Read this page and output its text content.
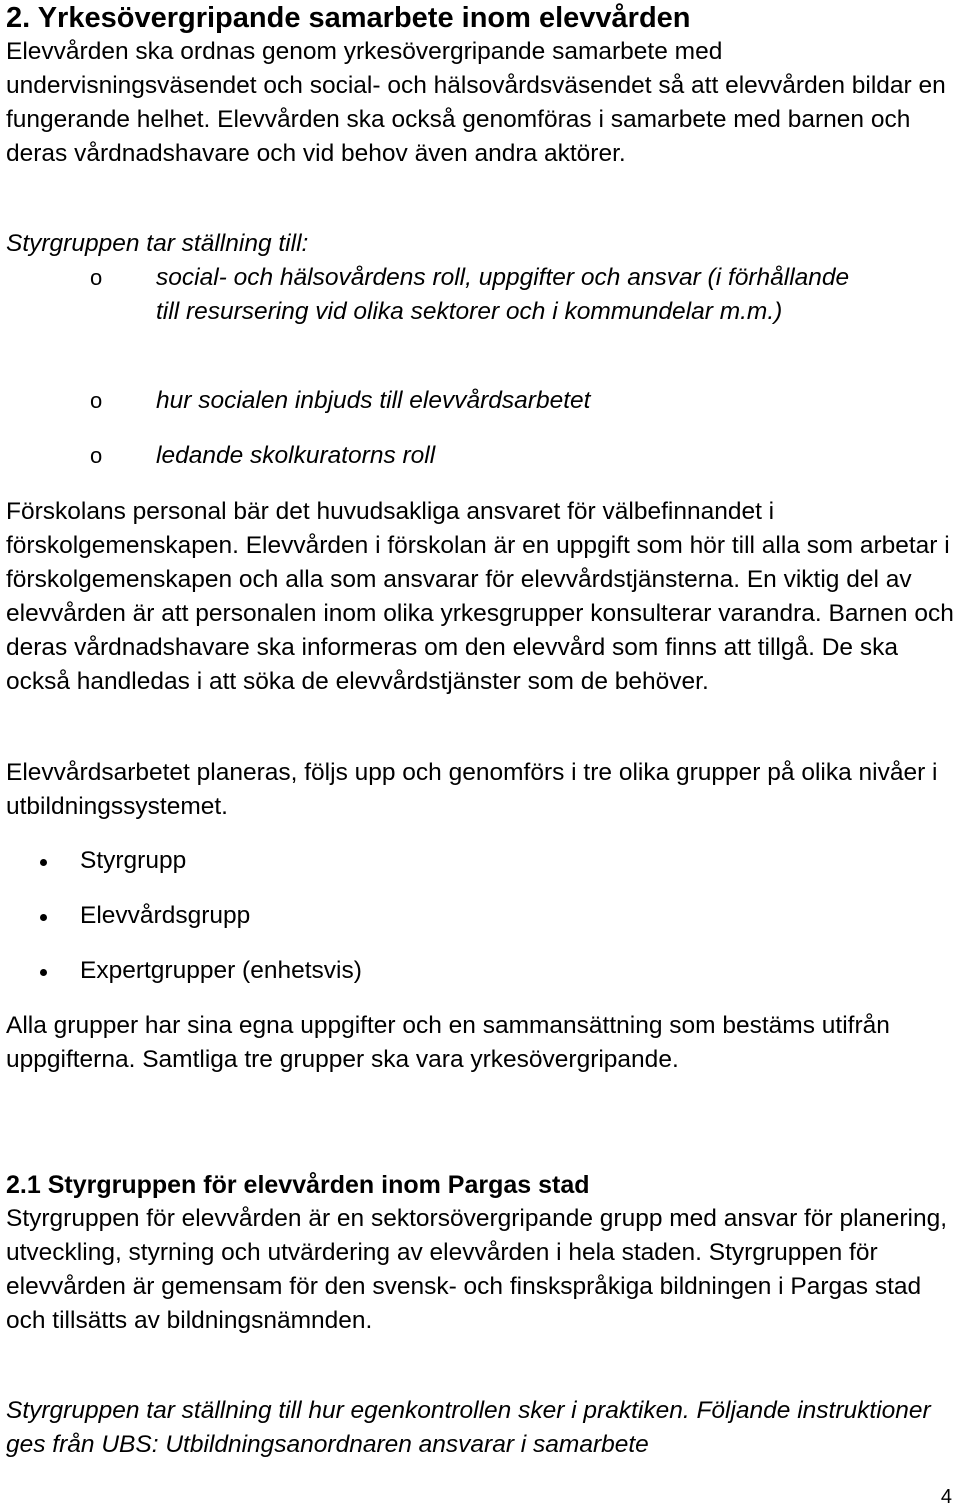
2. Yrkesövergripande samarbete inom elevvården

Elevvården ska ordnas genom yrkesövergripande samarbete med undervisningsväsendet och social- och hälsovårdsväsendet så att elevvården bildar en fungerande helhet. Elevvården ska också genomföras i samarbete med barnen och deras vårdnadshavare och vid behov även andra aktörer.

Styrgruppen tar ställning till:

o social- och hälsovårdens roll, uppgifter och ansvar (i förhållande till resursering vid olika sektorer och i kommundelar m.m.)
o hur socialen inbjuds till elevvårdsarbetet
o ledande skolkuratorns roll

Förskolans personal bär det huvudsakliga ansvaret för välbefinnandet i förskolgemenskapen. Elevvården i förskolan är en uppgift som hör till alla som arbetar i förskolgemenskapen och alla som ansvarar för elevvårdstjänsterna. En viktig del av elevvården är att personalen inom olika yrkesgrupper konsulterar varandra. Barnen och deras vårdnadshavare ska informeras om den elevvård som finns att tillgå. De ska också handledas i att söka de elevvårdstjänster som de behöver.

Elevvårdsarbetet planeras, följs upp och genomförs i tre olika grupper på olika nivåer i utbildningssystemet.

Styrgrupp
Elevvårdsgrupp
Expertgrupper (enhetsvis)

Alla grupper har sina egna uppgifter och en sammansättning som bestäms utifrån uppgifterna. Samtliga tre grupper ska vara yrkesövergripande.

2.1 Styrgruppen för elevvården inom Pargas stad

Styrgruppen för elevvården är en sektorsövergripande grupp med ansvar för planering, utveckling, styrning och utvärdering av elevvården i hela staden. Styrgruppen för elevvården är gemensam för den svensk- och finskspråkiga bildningen i Pargas stad och tillsätts av bildningsnämnden.

Styrgruppen tar ställning till hur egenkontrollen sker i praktiken. Följande instruktioner ges från UBS: Utbildningsanordnaren ansvarar i samarbete

4
